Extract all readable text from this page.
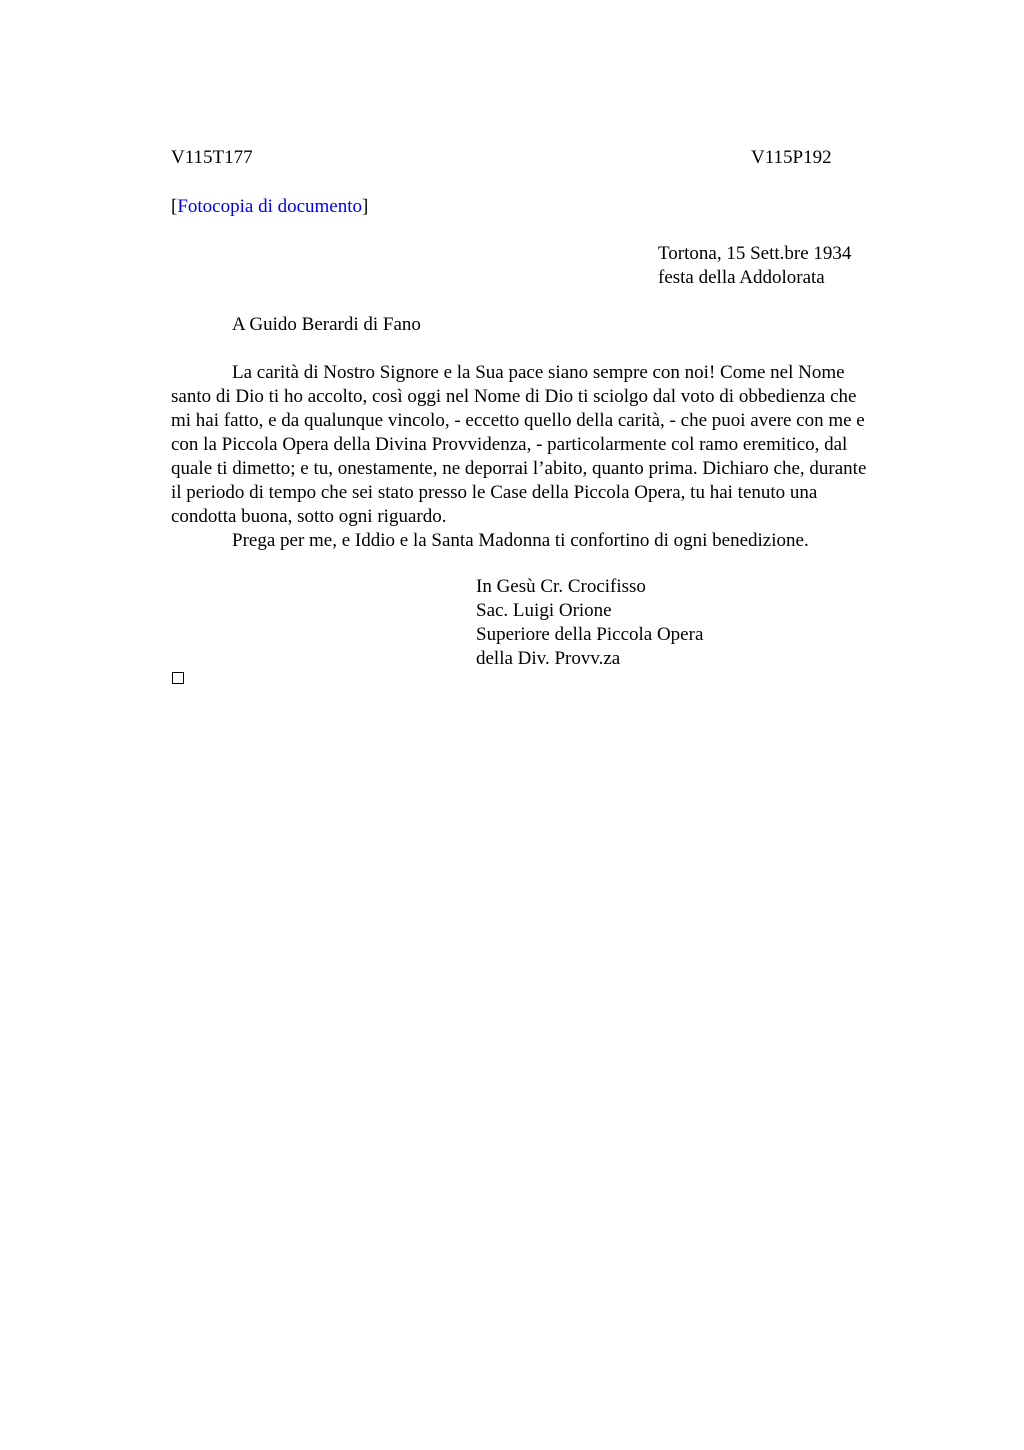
V115T177	V115P192
[Fotocopia di documento]
Tortona, 15 Sett.bre 1934
festa della Addolorata
A Guido Berardi di Fano
La carità di Nostro Signore e la Sua pace siano sempre con noi! Come nel Nome
santo di Dio ti ho accolto, così oggi nel Nome di Dio ti sciolgo dal voto di obbedienza che
mi hai fatto, e da qualunque vincolo, - eccetto quello della carità, - che puoi avere con me e
con la Piccola Opera della Divina Provvidenza, - particolarmente col ramo eremitico, dal
quale ti dimetto; e tu, onestamente, ne deporrai l’abito, quanto prima. Dichiaro che, durante
il periodo di tempo che sei stato presso le Case della Piccola Opera, tu hai tenuto una
condotta buona, sotto ogni riguardo.
Prega per me, e Iddio e la Santa Madonna ti confortino di ogni benedizione.
In Gesù Cr. Crocifisso
Sac. Luigi Orione
Superiore della Piccola Opera
della Div. Provv.za
